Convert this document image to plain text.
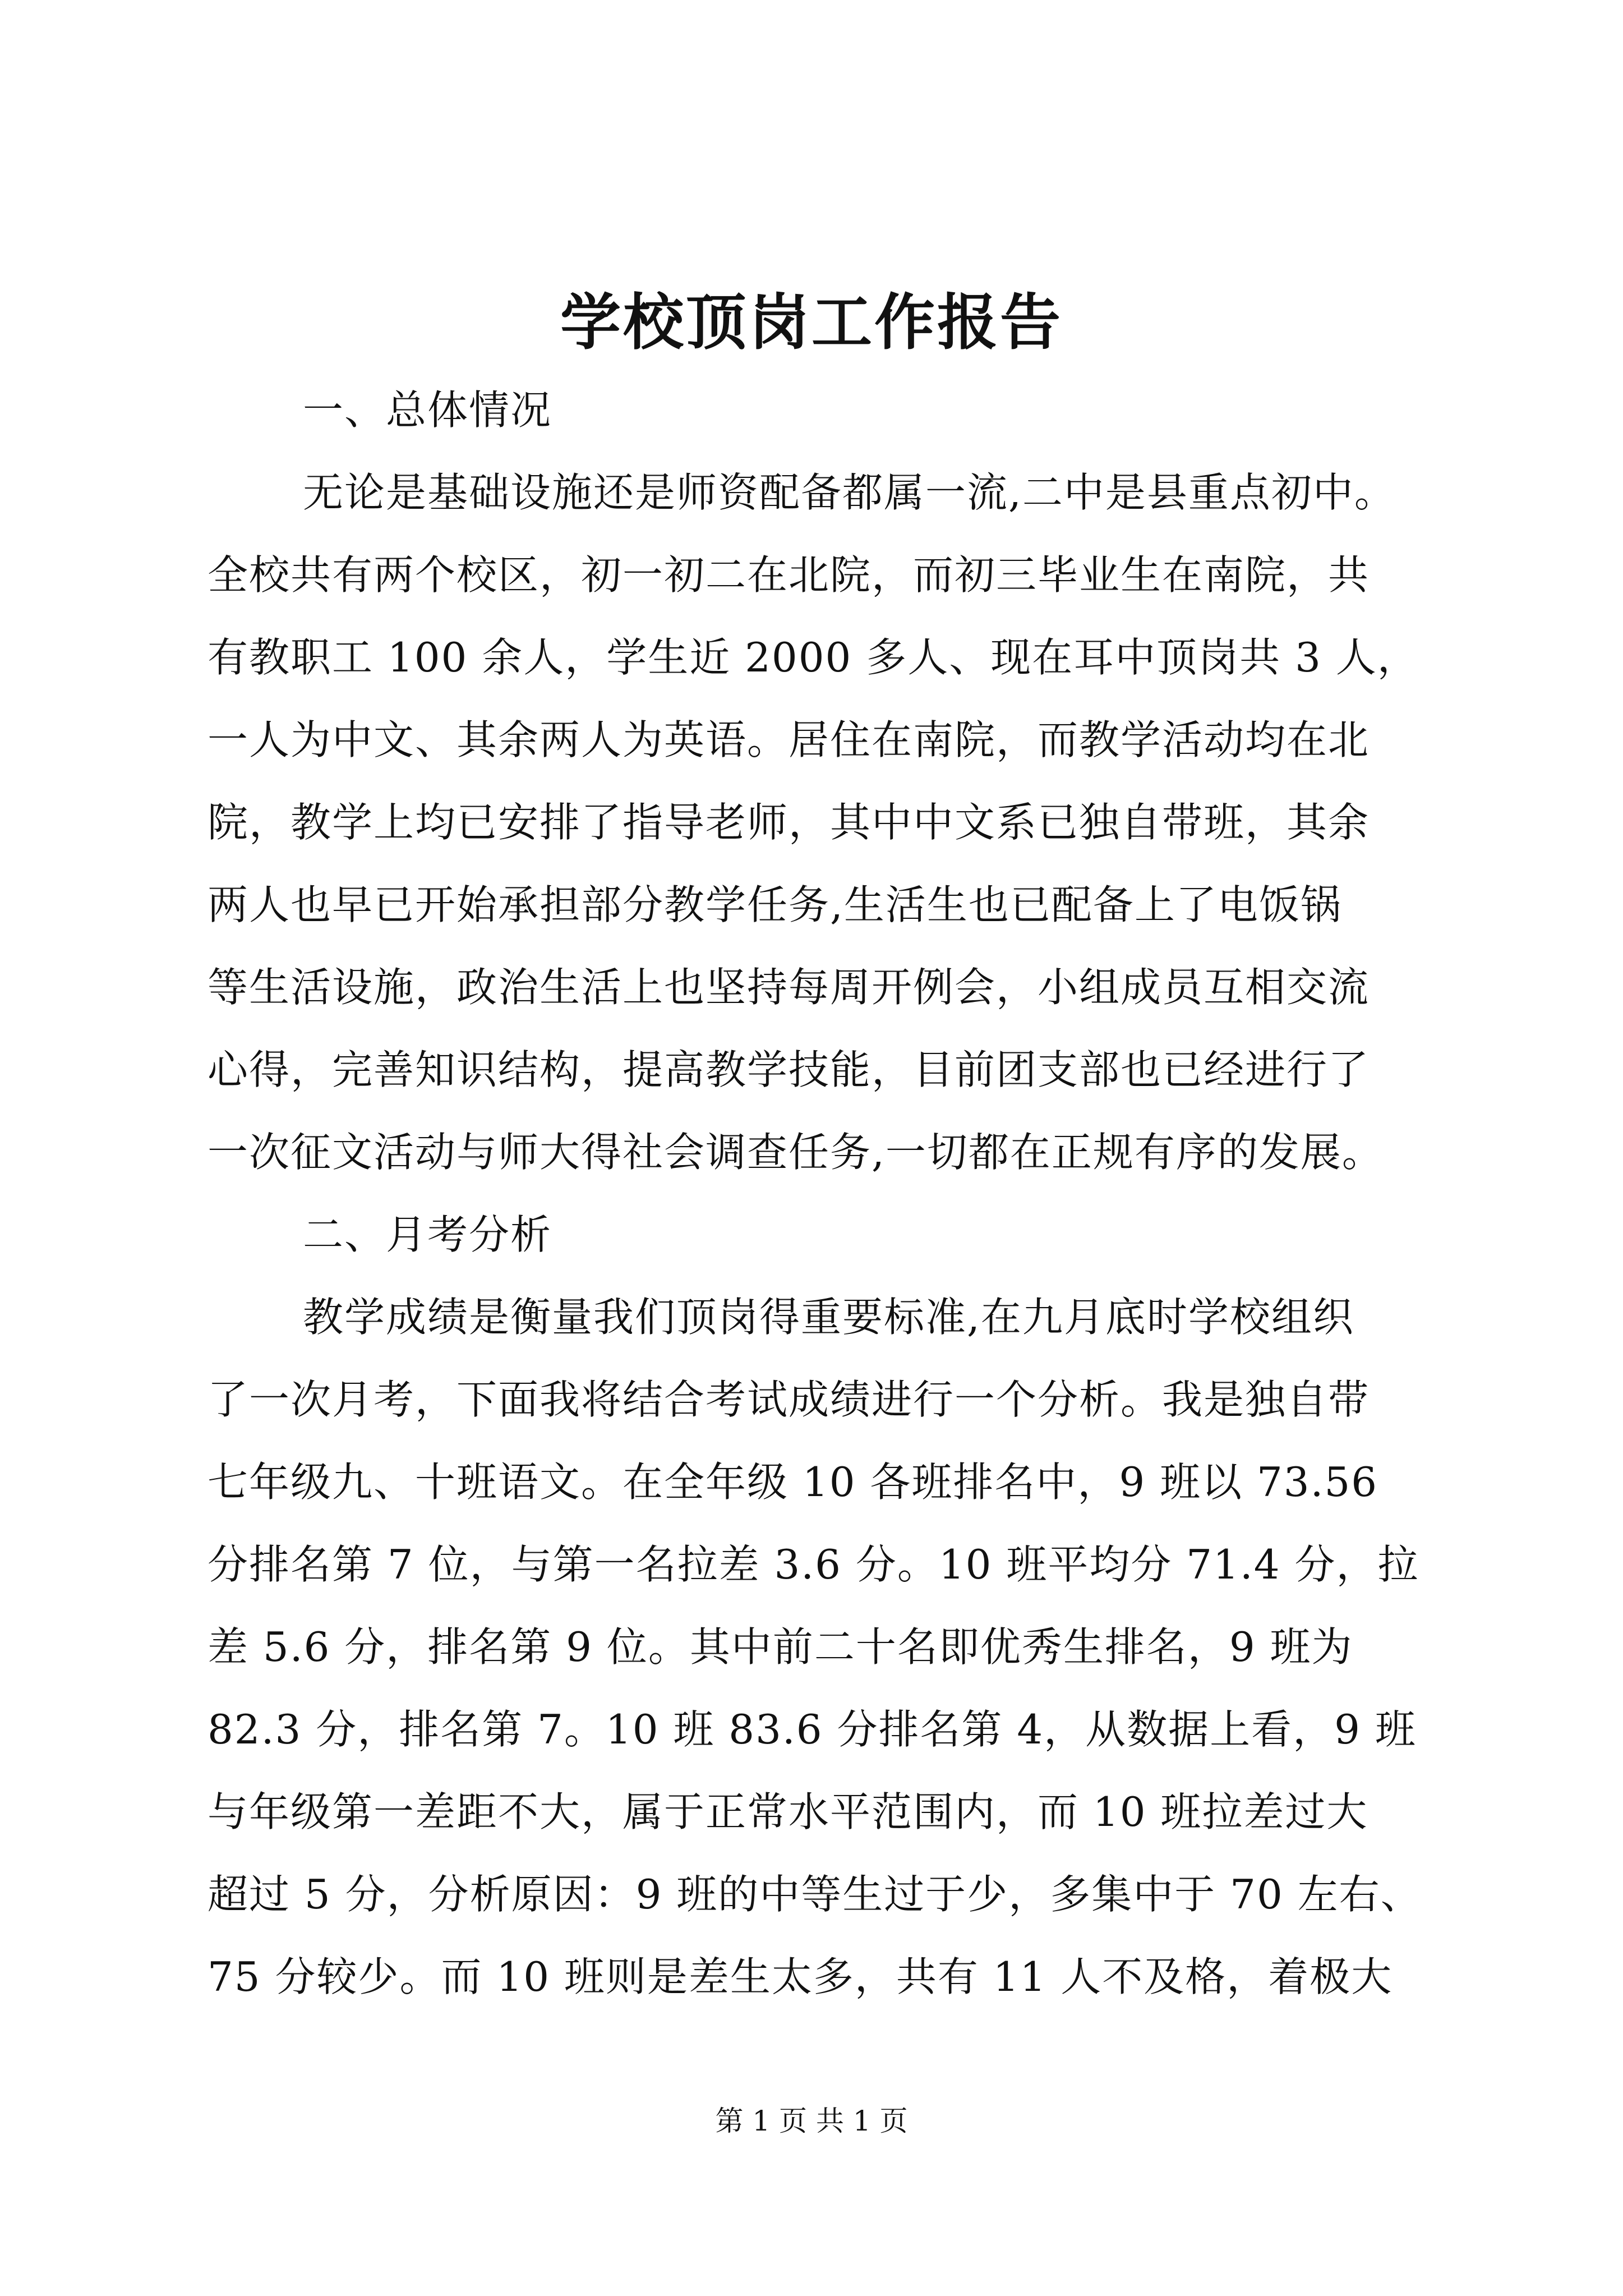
学校顶岗工作报告
一、总体情况
无论是基础设施还是师资配备都属一流,二中是县重点初中。
全校共有两个校区，初一初二在北院，而初三毕业生在南院，共
有教职工 100 余人，学生近 2000 多人、现在耳中顶岗共 3 人，
一人为中文、其余两人为英语。居住在南院，而教学活动均在北
院，教学上均已安排了指导老师，其中中文系已独自带班，其余
两人也早已开始承担部分教学任务,生活生也已配备上了电饭锅
等生活设施，政治生活上也坚持每周开例会，小组成员互相交流
心得，完善知识结构，提高教学技能，目前团支部也已经进行了
一次征文活动与师大得社会调查任务,一切都在正规有序的发展。
二、月考分析
教学成绩是衡量我们顶岗得重要标准,在九月底时学校组织
了一次月考，下面我将结合考试成绩进行一个分析。我是独自带
七年级九、十班语文。在全年级 10 各班排名中，9 班以 73.56
分排名第 7 位，与第一名拉差 3.6 分。10 班平均分 71.4 分，拉
差 5.6 分，排名第 9 位。其中前二十名即优秀生排名，9 班为
82.3 分，排名第 7。10 班 83.6 分排名第 4，从数据上看，9 班
与年级第一差距不大，属于正常水平范围内，而 10 班拉差过大
超过 5 分，分析原因：9 班的中等生过于少，多集中于 70 左右、
75 分较少。而 10 班则是差生太多，共有 11 人不及格，着极大
第 1 页 共 1 页
